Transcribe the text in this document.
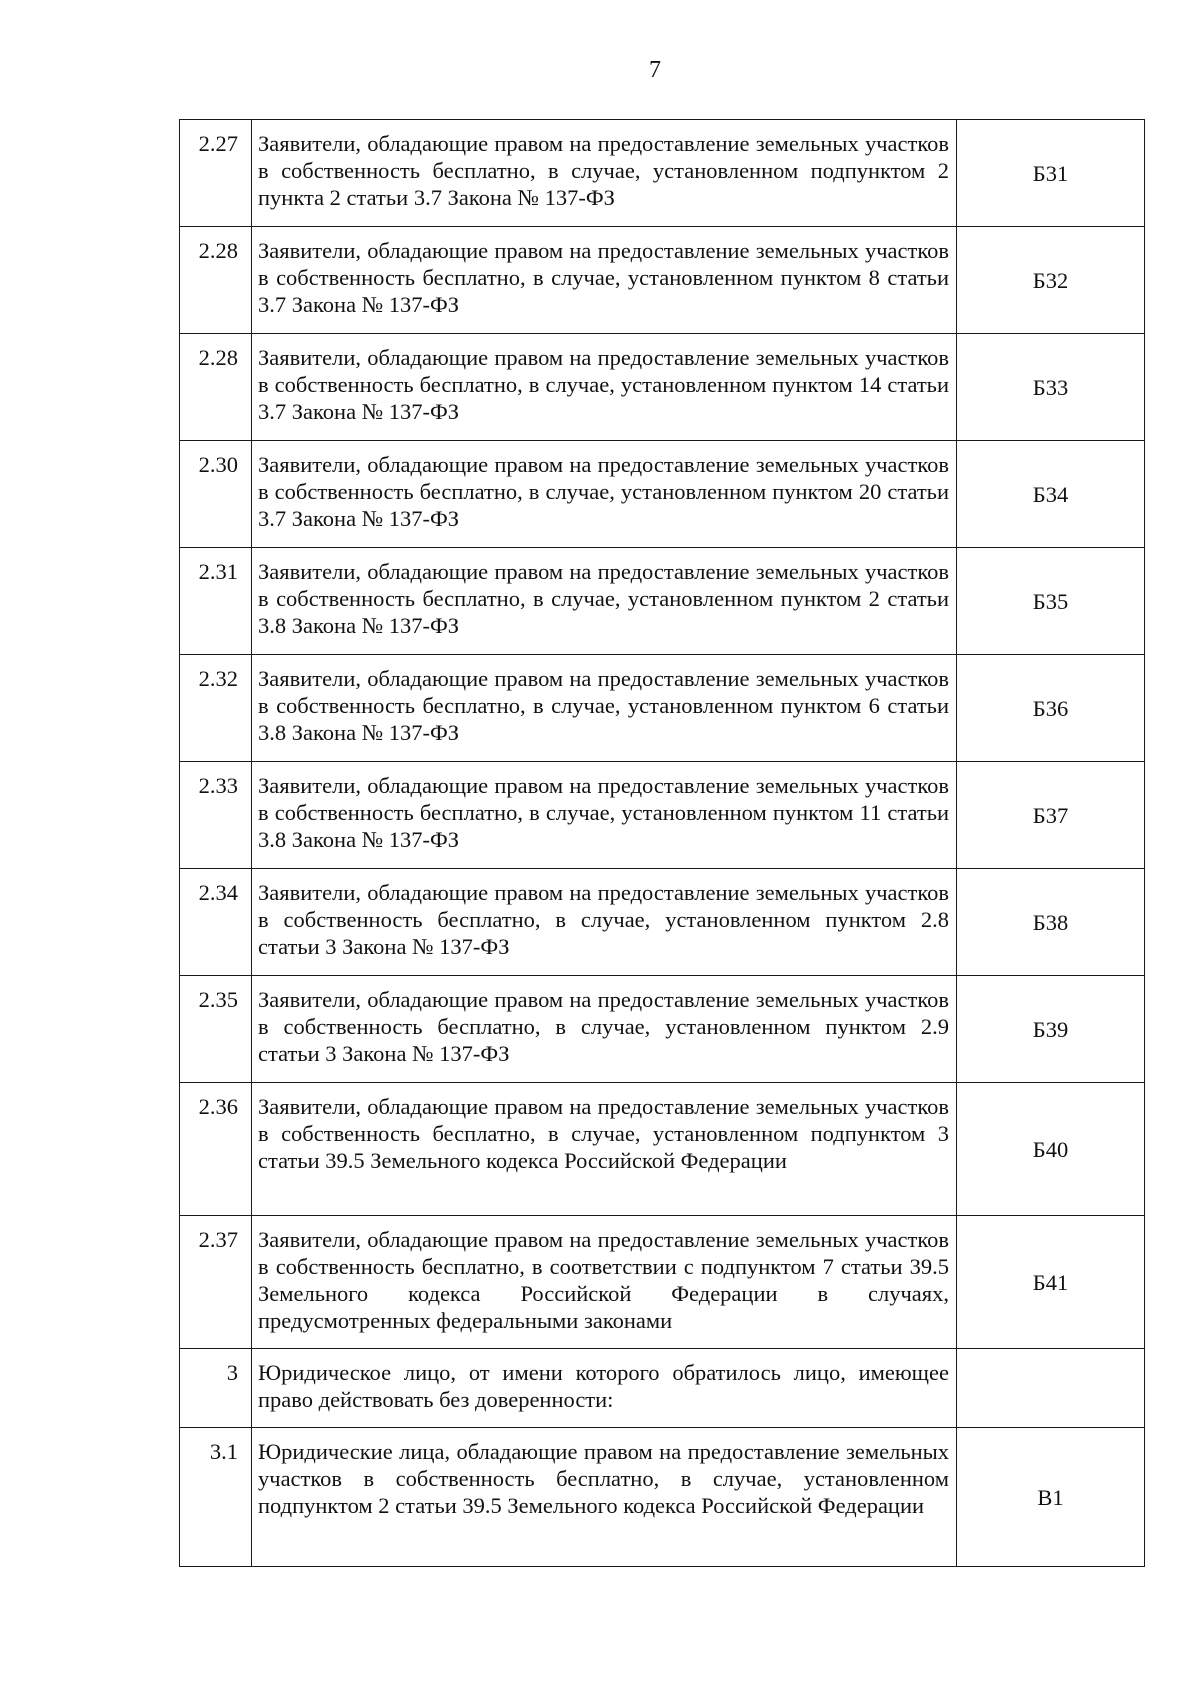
7
2.27	Заявители, обладающие правом на предоставление земельных участков в собственность бесплатно, в случае, установленном подпунктом 2 пункта 2 статьи 3.7 Закона № 137-ФЗ	Б31
2.28	Заявители, обладающие правом на предоставление земельных участков в собственность бесплатно, в случае, установленном пунктом 8 статьи 3.7 Закона № 137-ФЗ	Б32
2.28	Заявители, обладающие правом на предоставление земельных участков в собственность бесплатно, в случае, установленном пунктом 14 статьи 3.7 Закона № 137-ФЗ	Б33
2.30	Заявители, обладающие правом на предоставление земельных участков в собственность бесплатно, в случае, установленном пунктом 20 статьи 3.7 Закона № 137-ФЗ	Б34
2.31	Заявители, обладающие правом на предоставление земельных участков в собственность бесплатно, в случае, установленном пунктом 2 статьи 3.8 Закона № 137-ФЗ	Б35
2.32	Заявители, обладающие правом на предоставление земельных участков в собственность бесплатно, в случае, установленном пунктом 6 статьи 3.8 Закона № 137-ФЗ	Б36
2.33	Заявители, обладающие правом на предоставление земельных участков в собственность бесплатно, в случае, установленном пунктом 11 статьи 3.8 Закона № 137-ФЗ	Б37
2.34	Заявители, обладающие правом на предоставление земельных участков в собственность бесплатно, в случае, установленном пунктом 2.8 статьи 3 Закона № 137-ФЗ	Б38
2.35	Заявители, обладающие правом на предоставление земельных участков в собственность бесплатно, в случае, установленном пунктом 2.9 статьи 3 Закона № 137-ФЗ	Б39
2.36	Заявители, обладающие правом на предоставление земельных участков в собственность бесплатно, в случае, установленном подпунктом 3 статьи 39.5 Земельного кодекса Российской Федерации	Б40
2.37	Заявители, обладающие правом на предоставление земельных участков в собственность бесплатно, в соответствии с подпунктом 7 статьи 39.5 Земельного кодекса Российской Федерации в случаях, предусмотренных федеральными законами	Б41
3	Юридическое лицо, от имени которого обратилось лицо, имеющее право действовать без доверенности:	
3.1	Юридические лица, обладающие правом на предоставление земельных участков в собственность бесплатно, в случае, установленном подпунктом 2 статьи 39.5 Земельного кодекса Российской Федерации	В1
